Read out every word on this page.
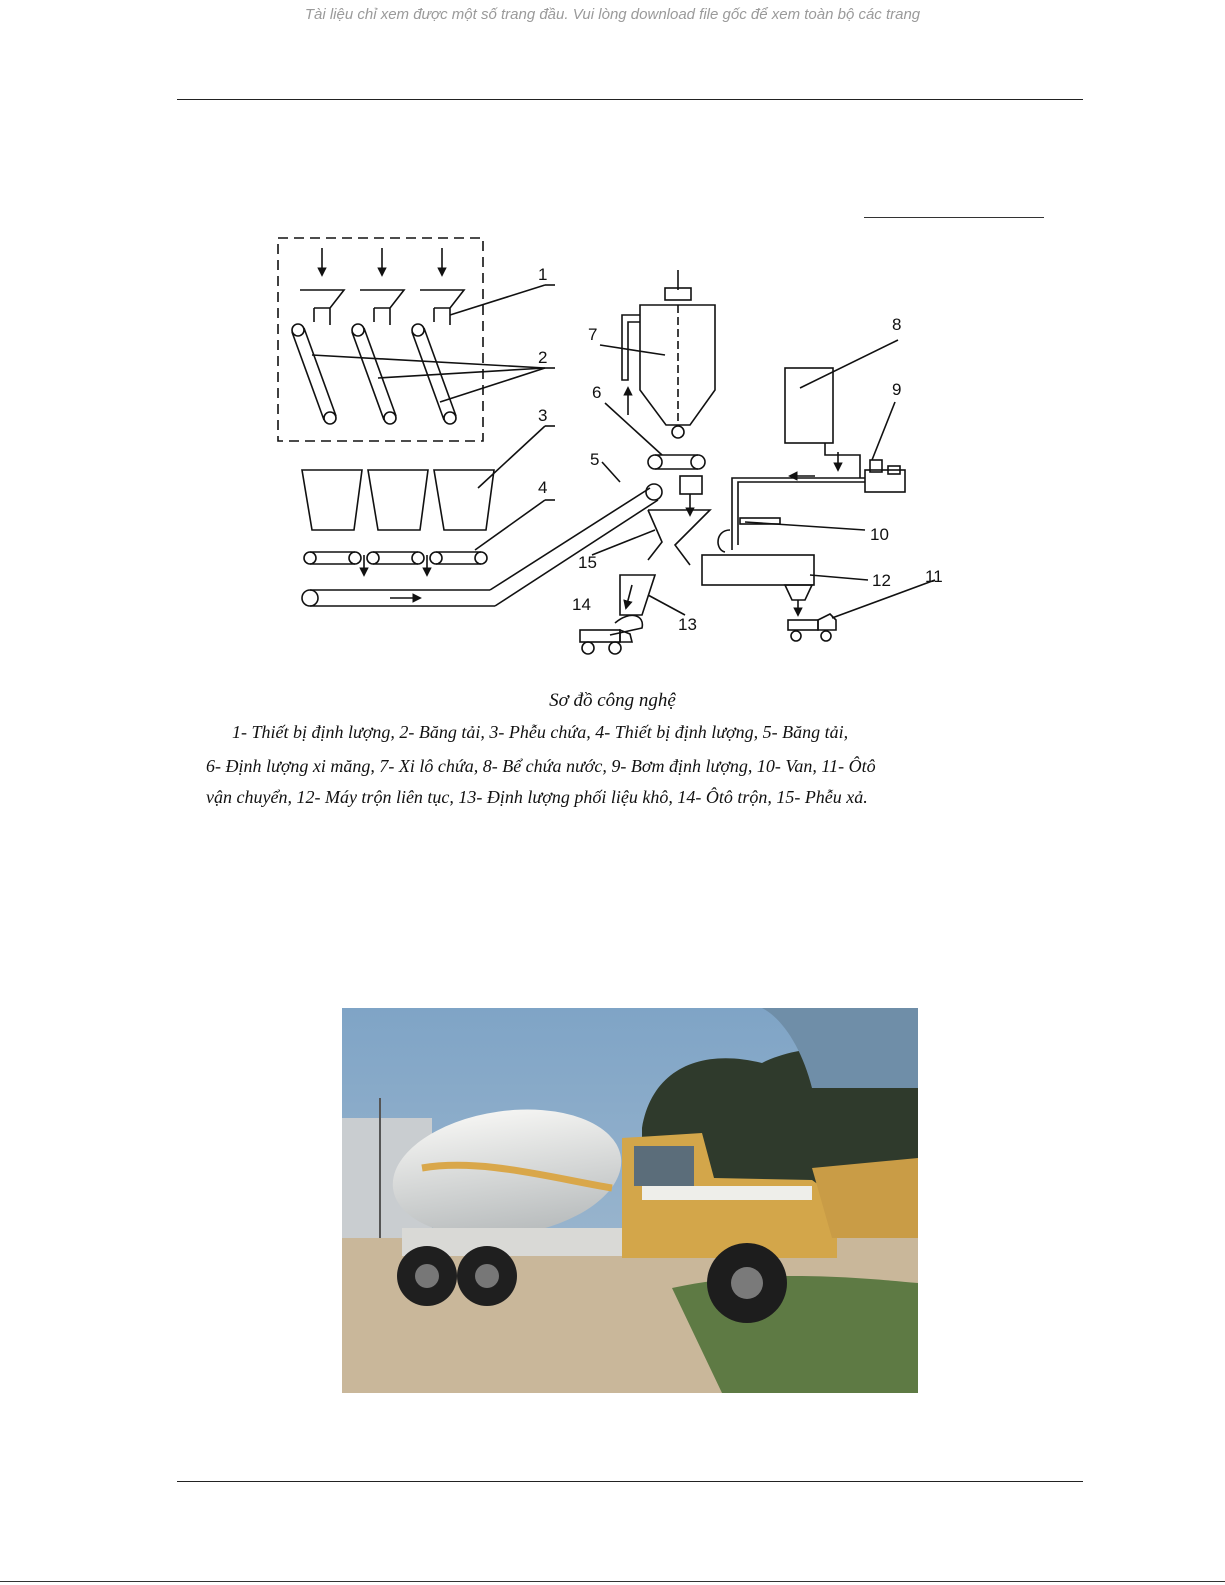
Tài liệu chỉ xem được một số trang đầu. Vui lòng download file gốc để xem toàn bộ các trang
1
2
3
4
5
6
7
8
9
10
11
12
13
14
15
Sơ đồ công nghệ
1- Thiết bị định lượng, 2- Băng tải, 3- Phễu chứa, 4- Thiết bị định lượng, 5- Băng tải,
6- Định lượng xi măng, 7- Xi lô chứa, 8- Bể chứa nước, 9- Bơm định lượng, 10- Van, 11- Ôtô
vận chuyển, 12- Máy trộn liên tục, 13- Định lượng phối liệu khô, 14- Ôtô trộn, 15- Phễu xả.
